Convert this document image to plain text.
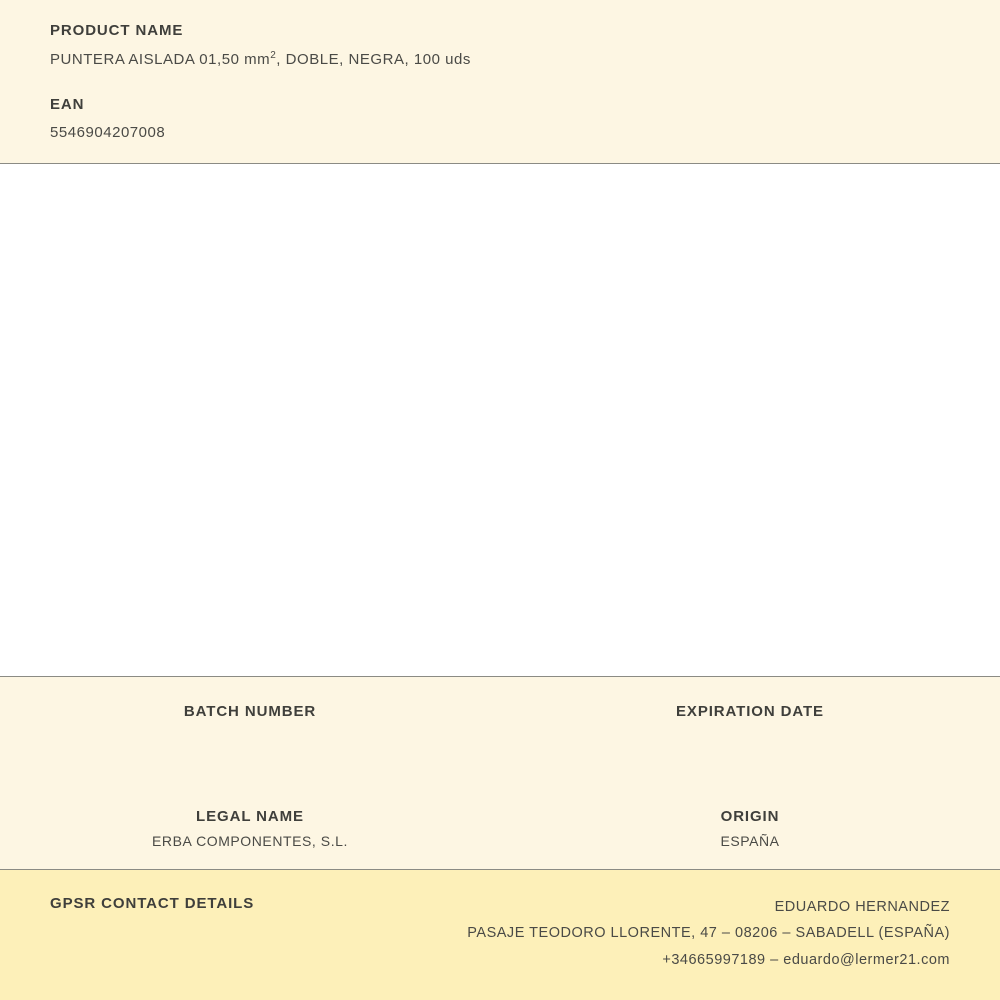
PRODUCT NAME
PUNTERA AISLADA 01,50 $mm^2$, DOBLE, NEGRA, 100 uds
EAN
5546904207008
BATCH NUMBER	EXPIRATION DATE
LEGAL NAME
ERBA COMPONENTES, S.L.
ORIGIN
ESPAÑA
GPSR CONTACT DETAILS	EDUARDO HERNANDEZ
PASAJE TEODORO LLORENTE, 47 – 08206 – SABADELL (ESPAÑA)
+34665997189 – eduardo@lermer21.com
